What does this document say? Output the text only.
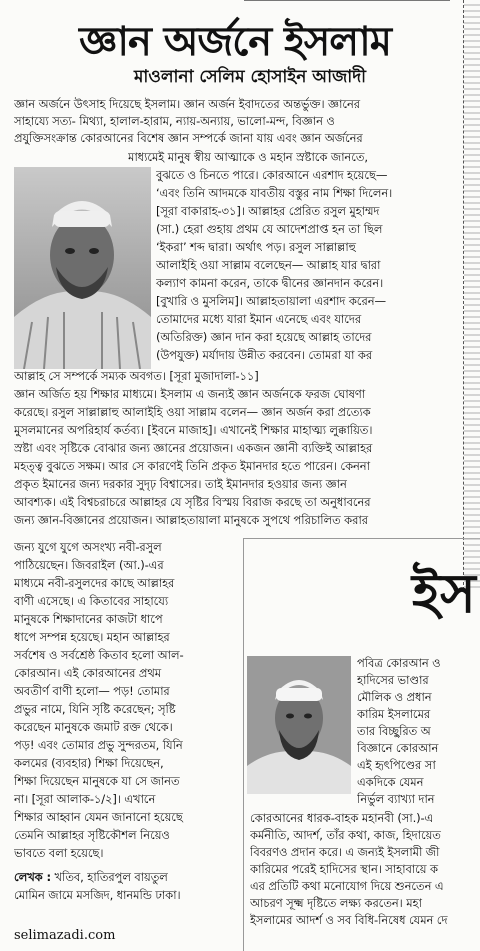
জ্ঞান অর্জনে ইসলাম
মাওলানা সেলিম হোসাইন আজাদী
জ্ঞান অর্জনে উৎসাহ দিয়েছে ইসলাম। জ্ঞান অর্জন ইবাদতের অন্তর্ভুক্ত। জ্ঞানের
সাহায্যে সত্য- মিথ্যা, হালাল-হারাম, ন্যায়-অন্যায়, ভালো-মন্দ, বিজ্ঞান ও
প্রযুক্তিসংক্রান্ত কোরআনের বিশেষ জ্ঞান সম্পর্কে জানা যায় এবং জ্ঞান অর্জনের
মাধ্যমেই মানুষ স্বীয় আত্মাকে ও মহান স্রষ্টাকে জানতে,
বুঝতে ও চিনতে পারে। কোরআনে এরশাদ হয়েছে—
‘এবং তিনি আদমকে যাবতীয় বস্তুর নাম শিক্ষা দিলেন।
[সূরা বাকারাহ-৩১]। আল্লাহর প্রেরিত রসুল মুহাম্মদ
(সা.) হেরা গুহায় প্রথম যে আদেশপ্রাপ্ত হন তা ছিল
‘ইকরা’ শব্দ দ্বারা। অর্থাৎ পড়। রসুল সাল্লাল্লাহু
আলাইহি ওয়া সাল্লাম বলেছেন— আল্লাহ যার দ্বারা
কল্যাণ কামনা করেন, তাকে দ্বীনের জ্ঞানদান করেন।
[বুখারি ও মুসলিম]। আল্লাহতায়ালা এরশাদ করেন—
তোমাদের মধ্যে যারা ইমান এনেছে এবং যাদের
(অতিরিক্ত) জ্ঞান দান করা হয়েছে আল্লাহ তাদের
(উপযুক্ত) মর্যাদায় উন্নীত করবেন। তোমরা যা কর
আল্লাহ সে সম্পর্কে সম্যক অবগত। [সূরা মুজাদালা-১১]
জ্ঞান অর্জিত হয় শিক্ষার মাধ্যমে। ইসলাম এ জন্যই জ্ঞান অর্জনকে ফরজ ঘোষণা
করেছে। রসুল সাল্লাল্লাহু আলাইহি ওয়া সাল্লাম বলেন— জ্ঞান অর্জন করা প্রত্যেক
মুসলমানের অপরিহার্য কর্তব্য। [ইবনে মাজাহ]। এখানেই শিক্ষার মাহাত্ম্য লুক্কায়িত।
স্রষ্টা এবং সৃষ্টিকে বোঝার জন্য জ্ঞানের প্রয়োজন। একজন জ্ঞানী ব্যক্তিই আল্লাহর
মহত্ত্ব বুঝতে সক্ষম। আর সে কারণেই তিনি প্রকৃত ইমানদার হতে পারেন। কেননা
প্রকৃত ইমানের জন্য দরকার সুদৃঢ় বিশ্বাসের। তাই ইমানদার হওয়ার জন্য জ্ঞান
আবশ্যক। এই বিশ্বচরাচরে আল্লাহর যে সৃষ্টির বিস্ময় বিরাজ করছে তা অনুধাবনের
জন্য জ্ঞান-বিজ্ঞানের প্রয়োজন। আল্লাহতায়ালা মানুষকে সুপথে পরিচালিত করার
জন্য যুগে যুগে অসংখ্য নবী-রসুল
পাঠিয়েছেন। জিবরাইল (আ.)-এর
মাধ্যমে নবী-রসুলদের কাছে আল্লাহর
বাণী এসেছে। এ কিতাবের সাহায্যে
মানুষকে শিক্ষাদানের কাজটা ধাপে
ধাপে সম্পন্ন হয়েছে। মহান আল্লাহর
সর্বশেষ ও সর্বশ্রেষ্ঠ কিতাব হলো আল-
কোরআন। এই কোরআনের প্রথম
অবতীর্ণ বাণী হলো— পড়! তোমার
প্রভুর নামে, যিনি সৃষ্টি করেছেন; সৃষ্টি
করেছেন মানুষকে জমাট রক্ত থেকে।
পড়! এবং তোমার প্রভু সুন্দরতম, যিনি
কলমের (ব্যবহার) শিক্ষা দিয়েছেন,
শিক্ষা দিয়েছেন মানুষকে যা সে জানত
না। [সূরা আলাক-১/২]। এখানে
শিক্ষার আহ্বান যেমন জানানো হয়েছে
তেমনি আল্লাহর সৃষ্টিকৌশল নিয়েও
ভাবতে বলা হয়েছে।
লেখক : খতিব, হাতিরপুল বায়তুল
মোমিন জামে মসজিদ, ধানমন্ডি ঢাকা।
selimazadi.com
ইস
পবিত্র কোরআন ও
হাদিসের ভাণ্ডার
মৌলিক ও প্রধান
কারিম ইসলামের
তার বিচ্ছুরিত অ
বিজ্ঞানে কোরআন
এই হৃৎপিণ্ডের সা
একদিকে যেমন
নির্ভুল ব্যাখ্যা দান
কোরআনের ধারক-বাহক মহানবী (সা.)-এ
কর্মনীতি, আদর্শ, তাঁর কথা, কাজ, হিদায়েত
বিবরণও প্রদান করে। এ জন্যই ইসলামী জী
কারিমের পরেই হাদিসের স্থান। সাহাবায়ে ক
এর প্রতিটি কথা মনোযোগ দিয়ে শুনতেন এ
আচরণ সূক্ষ্ম দৃষ্টিতে লক্ষ্য করতেন। মহা
ইসলামের আদর্শ ও সব বিধি-নিষেধ যেমন দে
